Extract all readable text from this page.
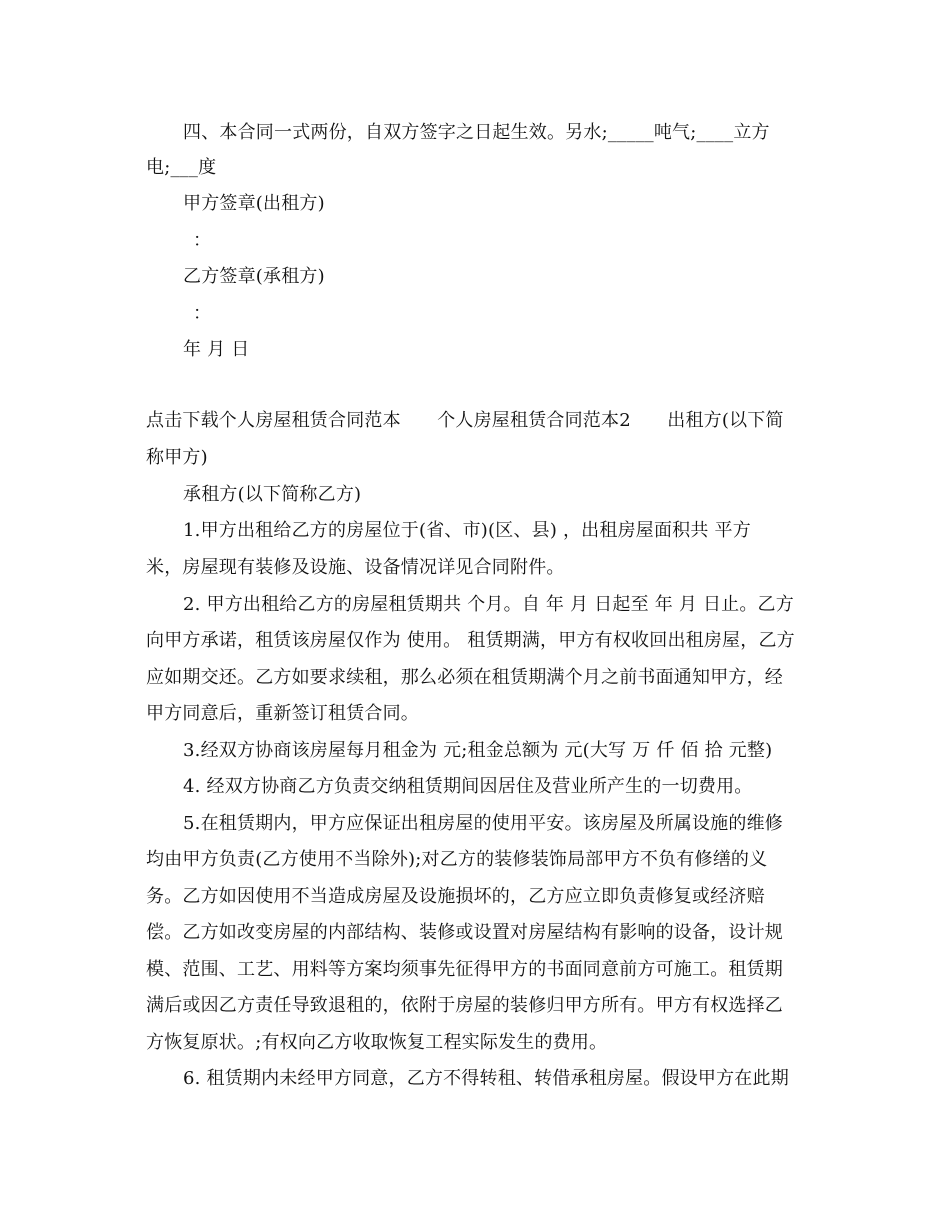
四、本合同一式两份，自双方签字之日起生效。另水;_____吨气;____立方
电;___度
甲方签章(出租方)
：
乙方签章(承租方)
：
年 月 日
点击下载个人房屋租赁合同范本　　个人房屋租赁合同范本2　　出租方(以下简
称甲方)
承租方(以下简称乙方)
1.甲方出租给乙方的房屋位于(省、市)(区、县) ，出租房屋面积共 平方
米，房屋现有装修及设施、设备情况详见合同附件。
2. 甲方出租给乙方的房屋租赁期共 个月。自 年 月 日起至 年 月 日止。乙方
向甲方承诺，租赁该房屋仅作为 使用。 租赁期满，甲方有权收回出租房屋，乙方
应如期交还。乙方如要求续租，那么必须在租赁期满个月之前书面通知甲方，经
甲方同意后，重新签订租赁合同。
3.经双方协商该房屋每月租金为 元;租金总额为 元(大写 万 仟 佰 拾 元整)
4. 经双方协商乙方负责交纳租赁期间因居住及营业所产生的一切费用。
5.在租赁期内，甲方应保证出租房屋的使用平安。该房屋及所属设施的维修
均由甲方负责(乙方使用不当除外);对乙方的装修装饰局部甲方不负有修缮的义
务。乙方如因使用不当造成房屋及设施损坏的，乙方应立即负责修复或经济赔
偿。乙方如改变房屋的内部结构、装修或设置对房屋结构有影响的设备，设计规
模、范围、工艺、用料等方案均须事先征得甲方的书面同意前方可施工。租赁期
满后或因乙方责任导致退租的，依附于房屋的装修归甲方所有。甲方有权选择乙
方恢复原状。;有权向乙方收取恢复工程实际发生的费用。
6. 租赁期内未经甲方同意，乙方不得转租、转借承租房屋。假设甲方在此期
